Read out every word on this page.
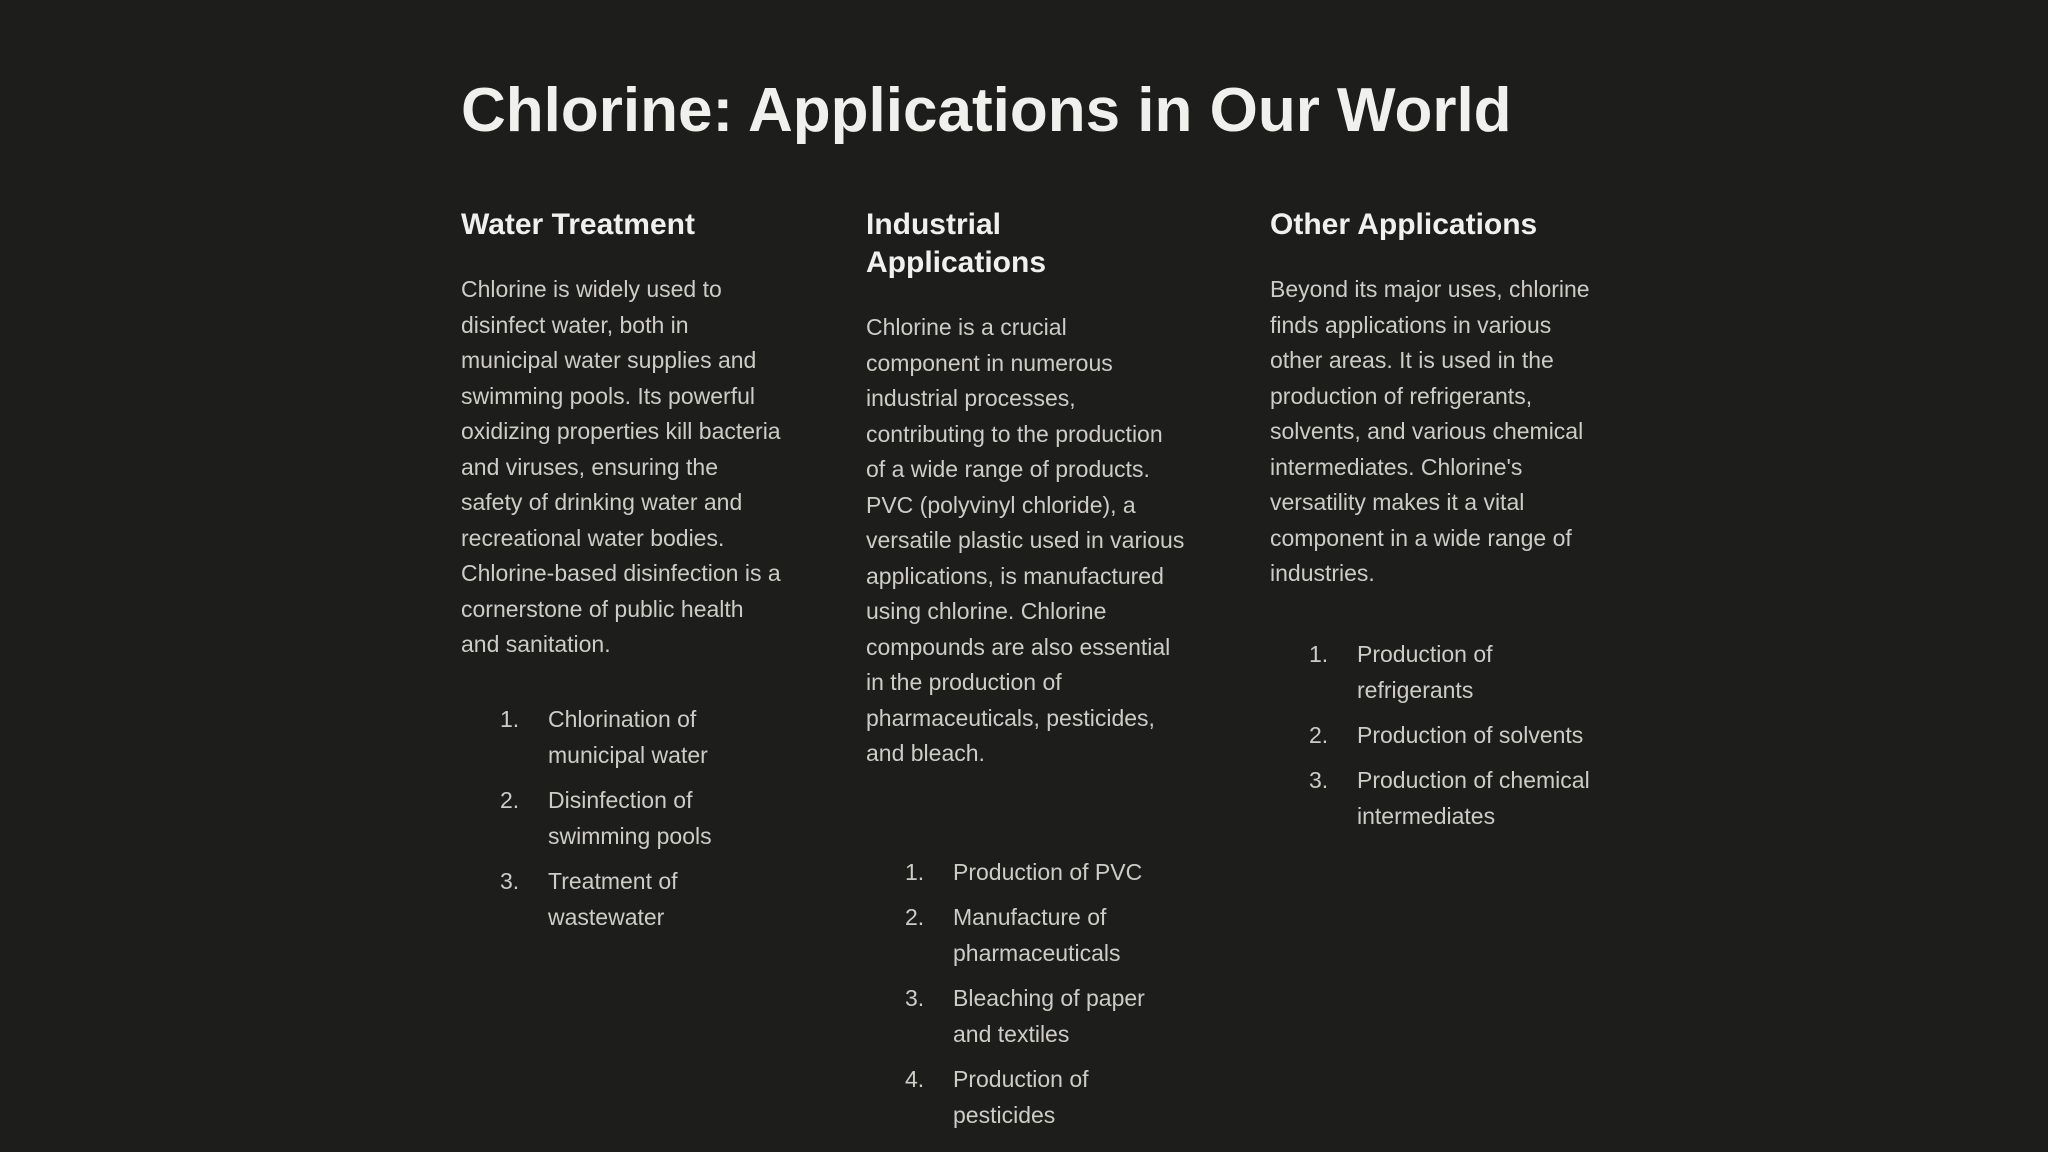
Chlorine: Applications in Our World
Water Treatment

Chlorine is widely used to disinfect water, both in municipal water supplies and swimming pools. Its powerful oxidizing properties kill bacteria and viruses, ensuring the safety of drinking water and recreational water bodies. Chlorine-based disinfection is a cornerstone of public health and sanitation.

1. Chlorination of municipal water
2. Disinfection of swimming pools
3. Treatment of wastewater
Industrial Applications

Chlorine is a crucial component in numerous industrial processes, contributing to the production of a wide range of products. PVC (polyvinyl chloride), a versatile plastic used in various applications, is manufactured using chlorine. Chlorine compounds are also essential in the production of pharmaceuticals, pesticides, and bleach.

1. Production of PVC
2. Manufacture of pharmaceuticals
3. Bleaching of paper and textiles
4. Production of pesticides
Other Applications

Beyond its major uses, chlorine finds applications in various other areas. It is used in the production of refrigerants, solvents, and various chemical intermediates. Chlorine's versatility makes it a vital component in a wide range of industries.

1. Production of refrigerants
2. Production of solvents
3. Production of chemical intermediates
